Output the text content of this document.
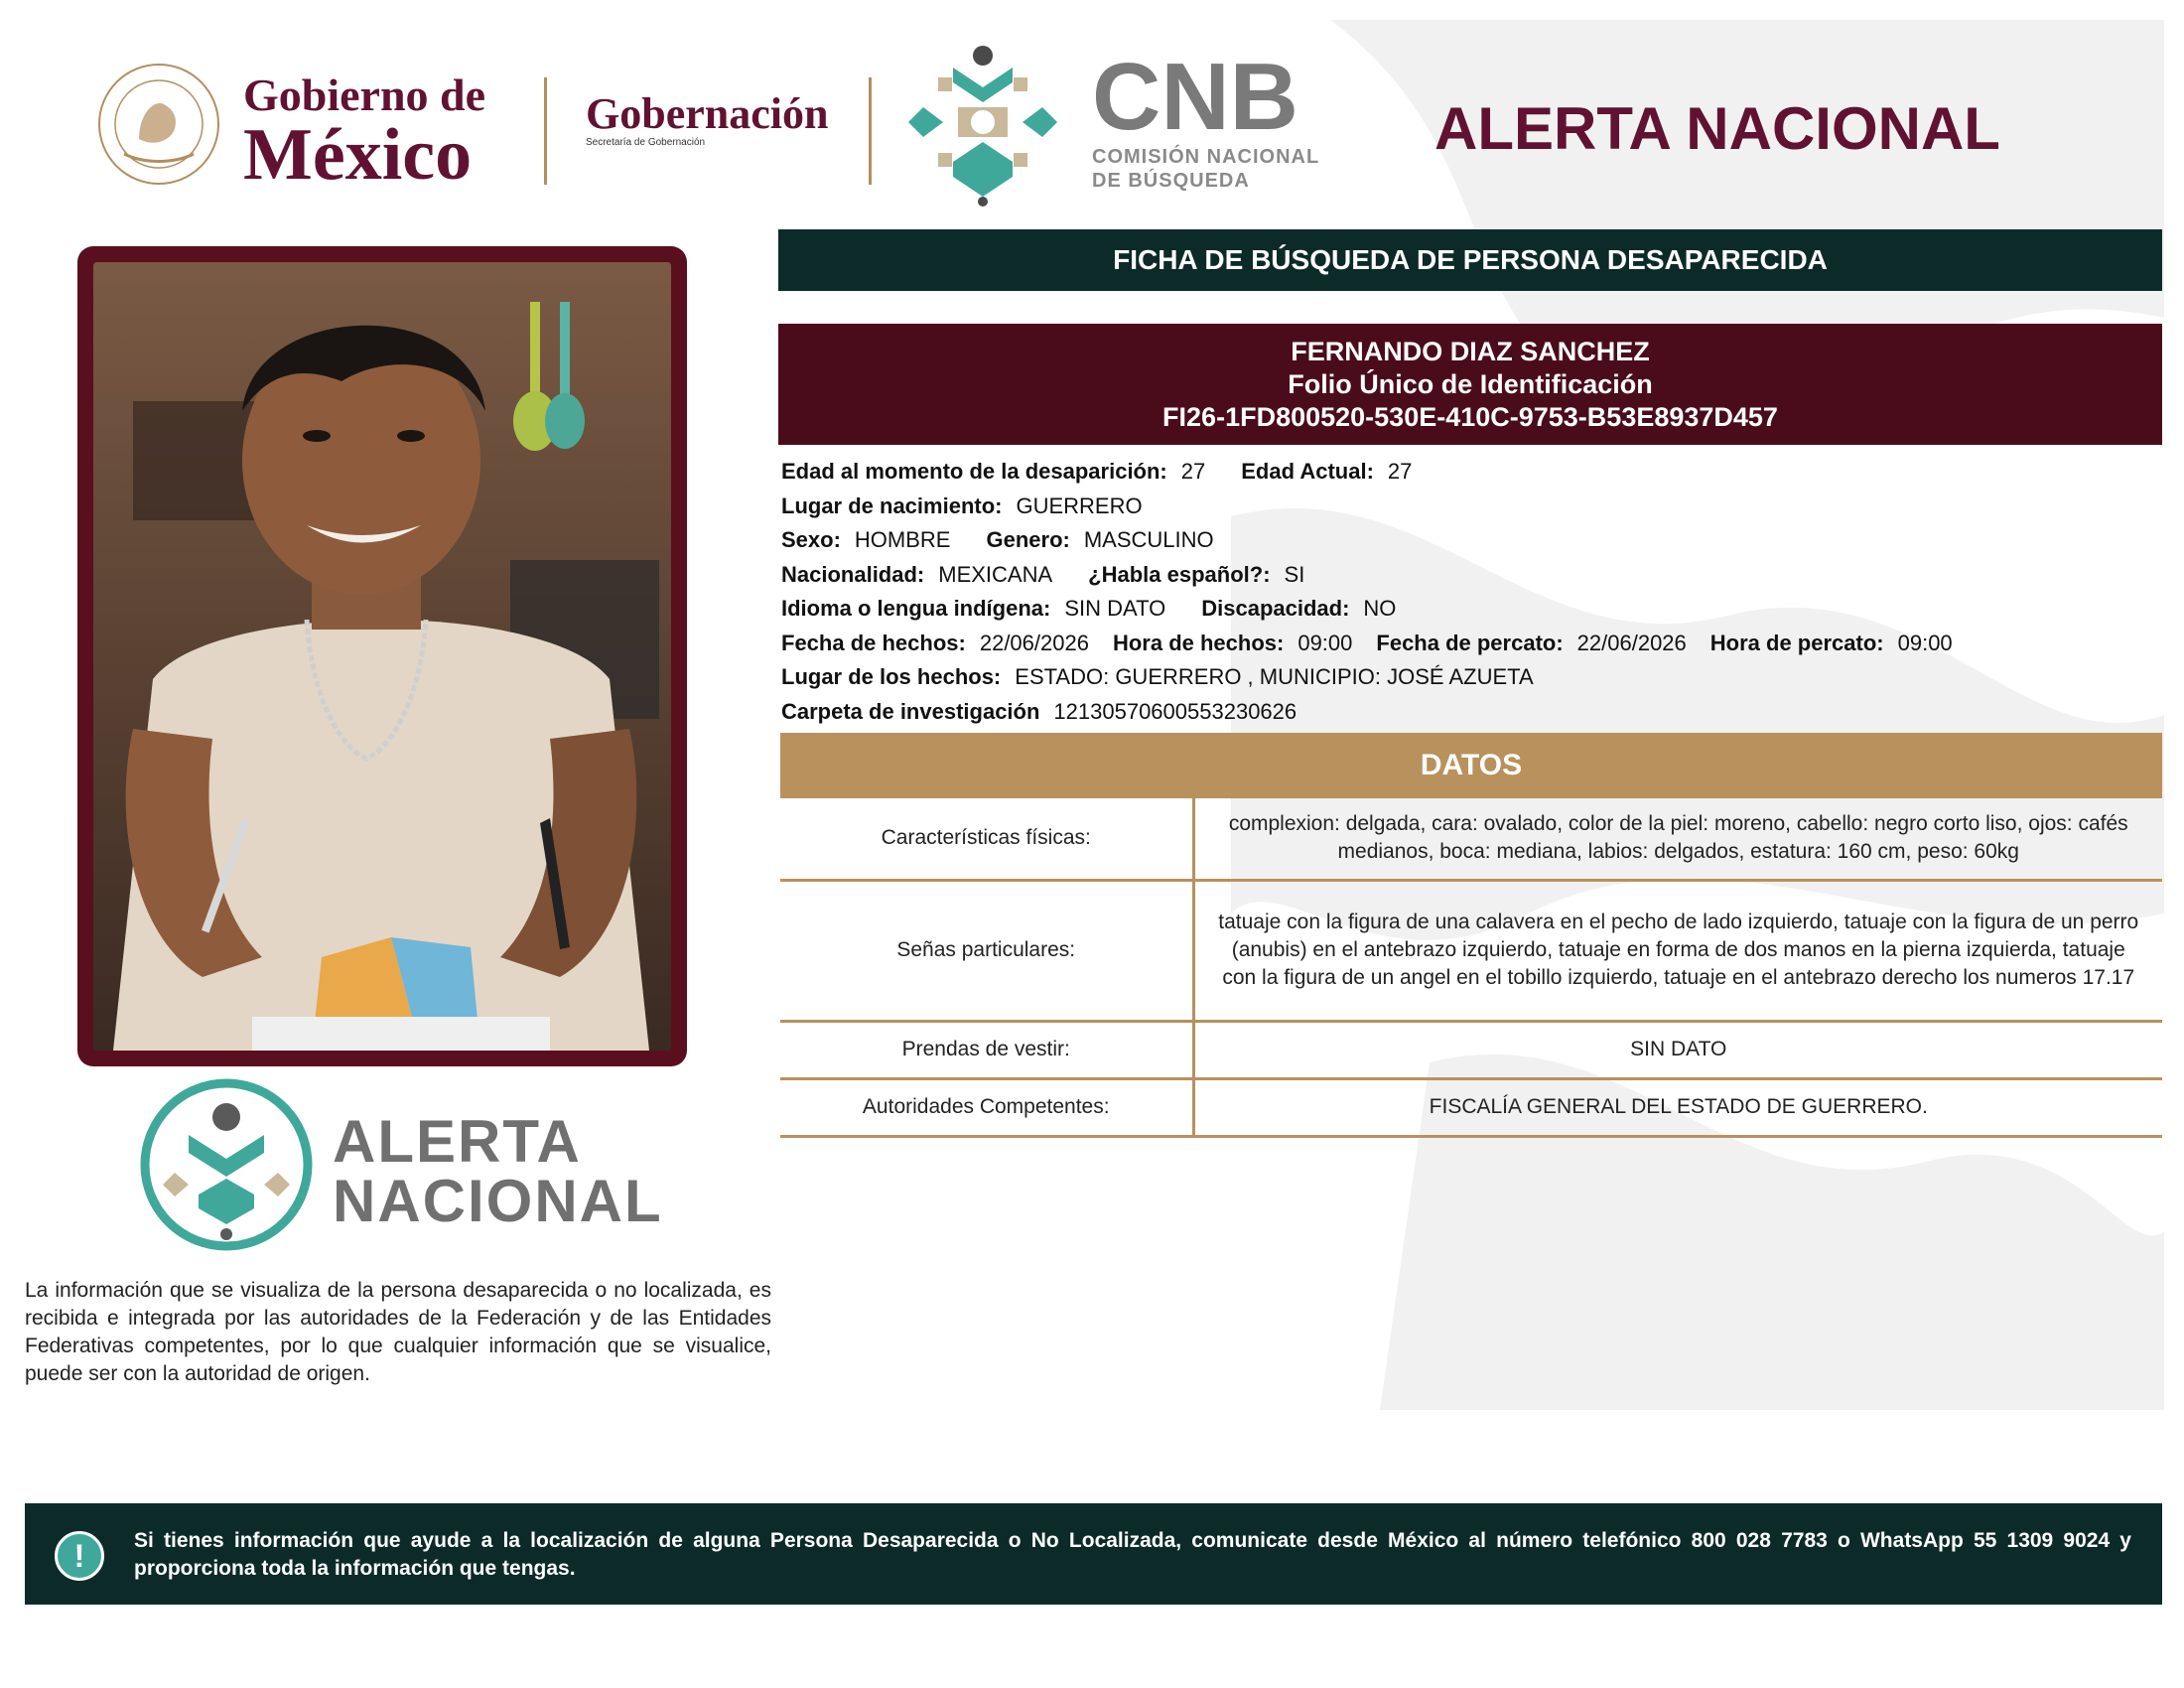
Gobierno de
México
Gobernación
Secretaría de Gobernación	CNB
COMISIÓN NACIONAL
DE BÚSQUEDA
ALERTA NACIONAL
ALERTA
NACIONAL
La información que se visualiza de la persona desaparecida o no localizada, es recibida e integrada por las autoridades de la Federación y de las Entidades Federativas competentes, por lo que cualquier información que se visualice, puede ser con la autoridad de origen.
FICHA DE BÚSQUEDA DE PERSONA DESAPARECIDA
FERNANDO DIAZ SANCHEZ
Folio Único de Identificación
FI26-1FD800520-530E-410C-9753-B53E8937D457
Edad al momento de la desaparición: 27 Edad Actual: 27
Lugar de nacimiento: GUERRERO
Sexo: HOMBRE Genero: MASCULINO
Nacionalidad: MEXICANA ¿Habla español?: SI
Idioma o lengua indígena: SIN DATO Discapacidad: NO
Fecha de hechos: 22/06/2026 Hora de hechos: 09:00 Fecha de percato: 22/06/2026 Hora de percato: 09:00
Lugar de los hechos: ESTADO: GUERRERO , MUNICIPIO: JOSÉ AZUETA
Carpeta de investigación 12130570600553230626
DATOS
Características físicas:	complexion: delgada, cara: ovalado, color de la piel: moreno, cabello: negro corto liso, ojos: cafés medianos, boca: mediana, labios: delgados, estatura: 160 cm, peso: 60kg
Señas particulares:	tatuaje con la figura de una calavera en el pecho de lado izquierdo, tatuaje con la figura de un perro (anubis) en el antebrazo izquierdo, tatuaje en forma de dos manos en la pierna izquierda, tatuaje con la figura de un angel en el tobillo izquierdo, tatuaje en el antebrazo derecho los numeros 17.17
Prendas de vestir:	SIN DATO
Autoridades Competentes:	FISCALÍA GENERAL DEL ESTADO DE GUERRERO.
!	Si tienes información que ayude a la localización de alguna Persona Desaparecida o No Localizada, comunicate desde México al número telefónico 800 028 7783 o WhatsApp 55 1309 9024 y proporciona toda la información que tengas.
